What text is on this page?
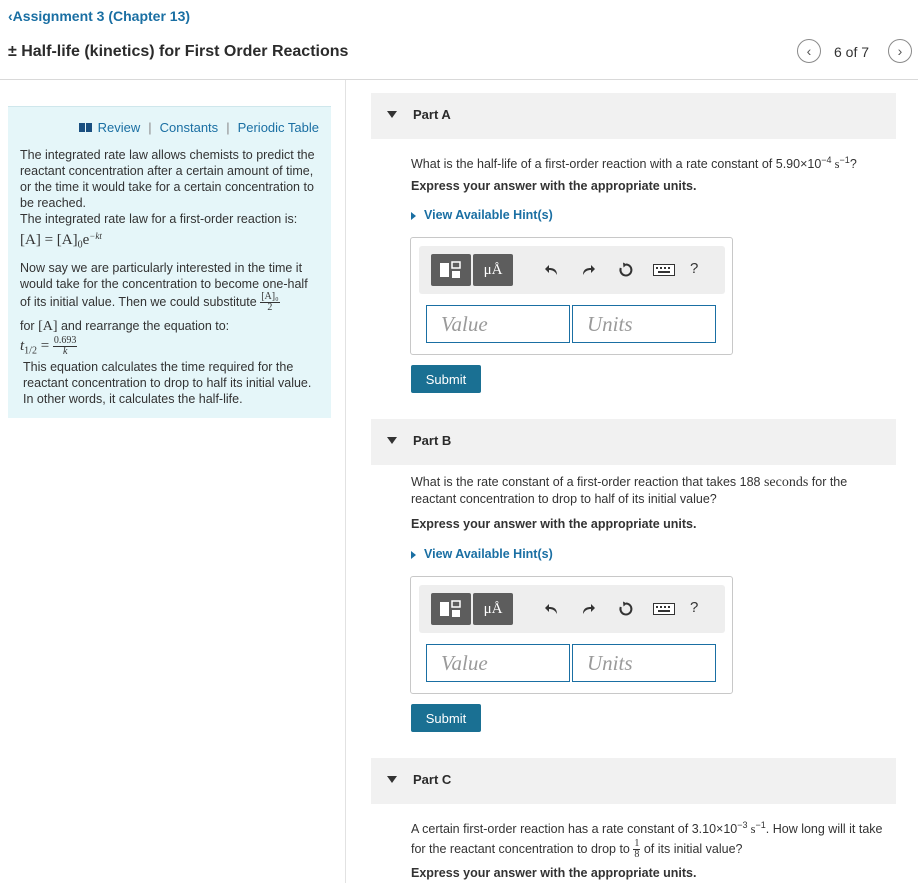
‹Assignment 3 (Chapter 13)
± Half-life (kinetics) for First Order Reactions	‹ 6 of 7 ›
Review | Constants | Periodic Table
The integrated rate law allows chemists to predict the reactant concentration after a certain amount of time, or the time it would take for a certain concentration to be reached.
The integrated rate law for a first-order reaction is:
$[A] = [A]_0e^{-kt}$
Now say we are particularly interested in the time it would take for the concentration to become one-half of its initial value. Then we could substitute $\frac{\text{[A]₀}}{2}$
for [A] and rearrange the equation to:
$t_{1/2} = \frac{0.693}{k}$
This equation calculates the time required for the reactant concentration to drop to half its initial value. In other words, it calculates the half-life.
Part A
What is the half-life of a first-order reaction with a rate constant of $5.90\times 10^{-4}$ $s^{-1}$?
Express your answer with the appropriate units.
View Available Hint(s)
μÅ	?
Value
Units
Submit
Part B
What is the rate constant of a first-order reaction that takes 188 seconds for the reactant concentration to drop to half of its initial value?
Express your answer with the appropriate units.
View Available Hint(s)
μÅ	?
Value
Units
Submit
Part C
A certain first-order reaction has a rate constant of $3.10\times 10^{-3}$ $s^{-1}$. How long will it take for the reactant concentration to drop to $\frac{1}{8}$ of its initial value?
Express your answer with the appropriate units.
